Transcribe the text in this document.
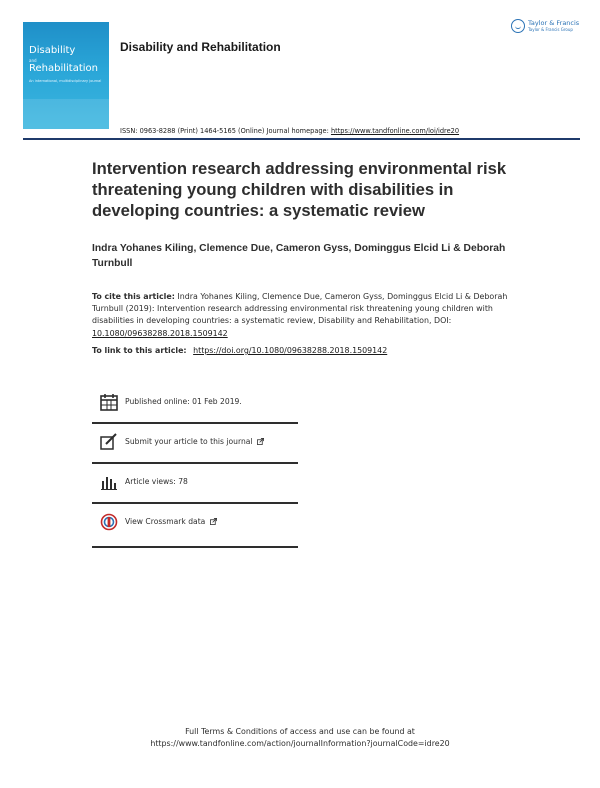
Disability
and
Rehabilitation
An international, multidisciplinary journal
Disability and Rehabilitation
Taylor & Francis
Taylor & Francis Group
ISSN: 0963-8288 (Print) 1464-5165 (Online) Journal homepage: https://www.tandfonline.com/loi/idre20
Intervention research addressing environmental risk threatening young children with disabilities in developing countries: a systematic review
Indra Yohanes Kiling, Clemence Due, Cameron Gyss, Dominggus Elcid Li & Deborah Turnbull
To cite this article: Indra Yohanes Kiling, Clemence Due, Cameron Gyss, Dominggus Elcid Li & Deborah Turnbull (2019): Intervention research addressing environmental risk threatening young children with disabilities in developing countries: a systematic review, Disability and Rehabilitation, DOI: 10.1080/09638288.2018.1509142
To link to this article: https://doi.org/10.1080/09638288.2018.1509142
Published online: 01 Feb 2019.
Submit your article to this journal
Article views: 78
View Crossmark data
Full Terms & Conditions of access and use can be found at
https://www.tandfonline.com/action/journalInformation?journalCode=idre20
